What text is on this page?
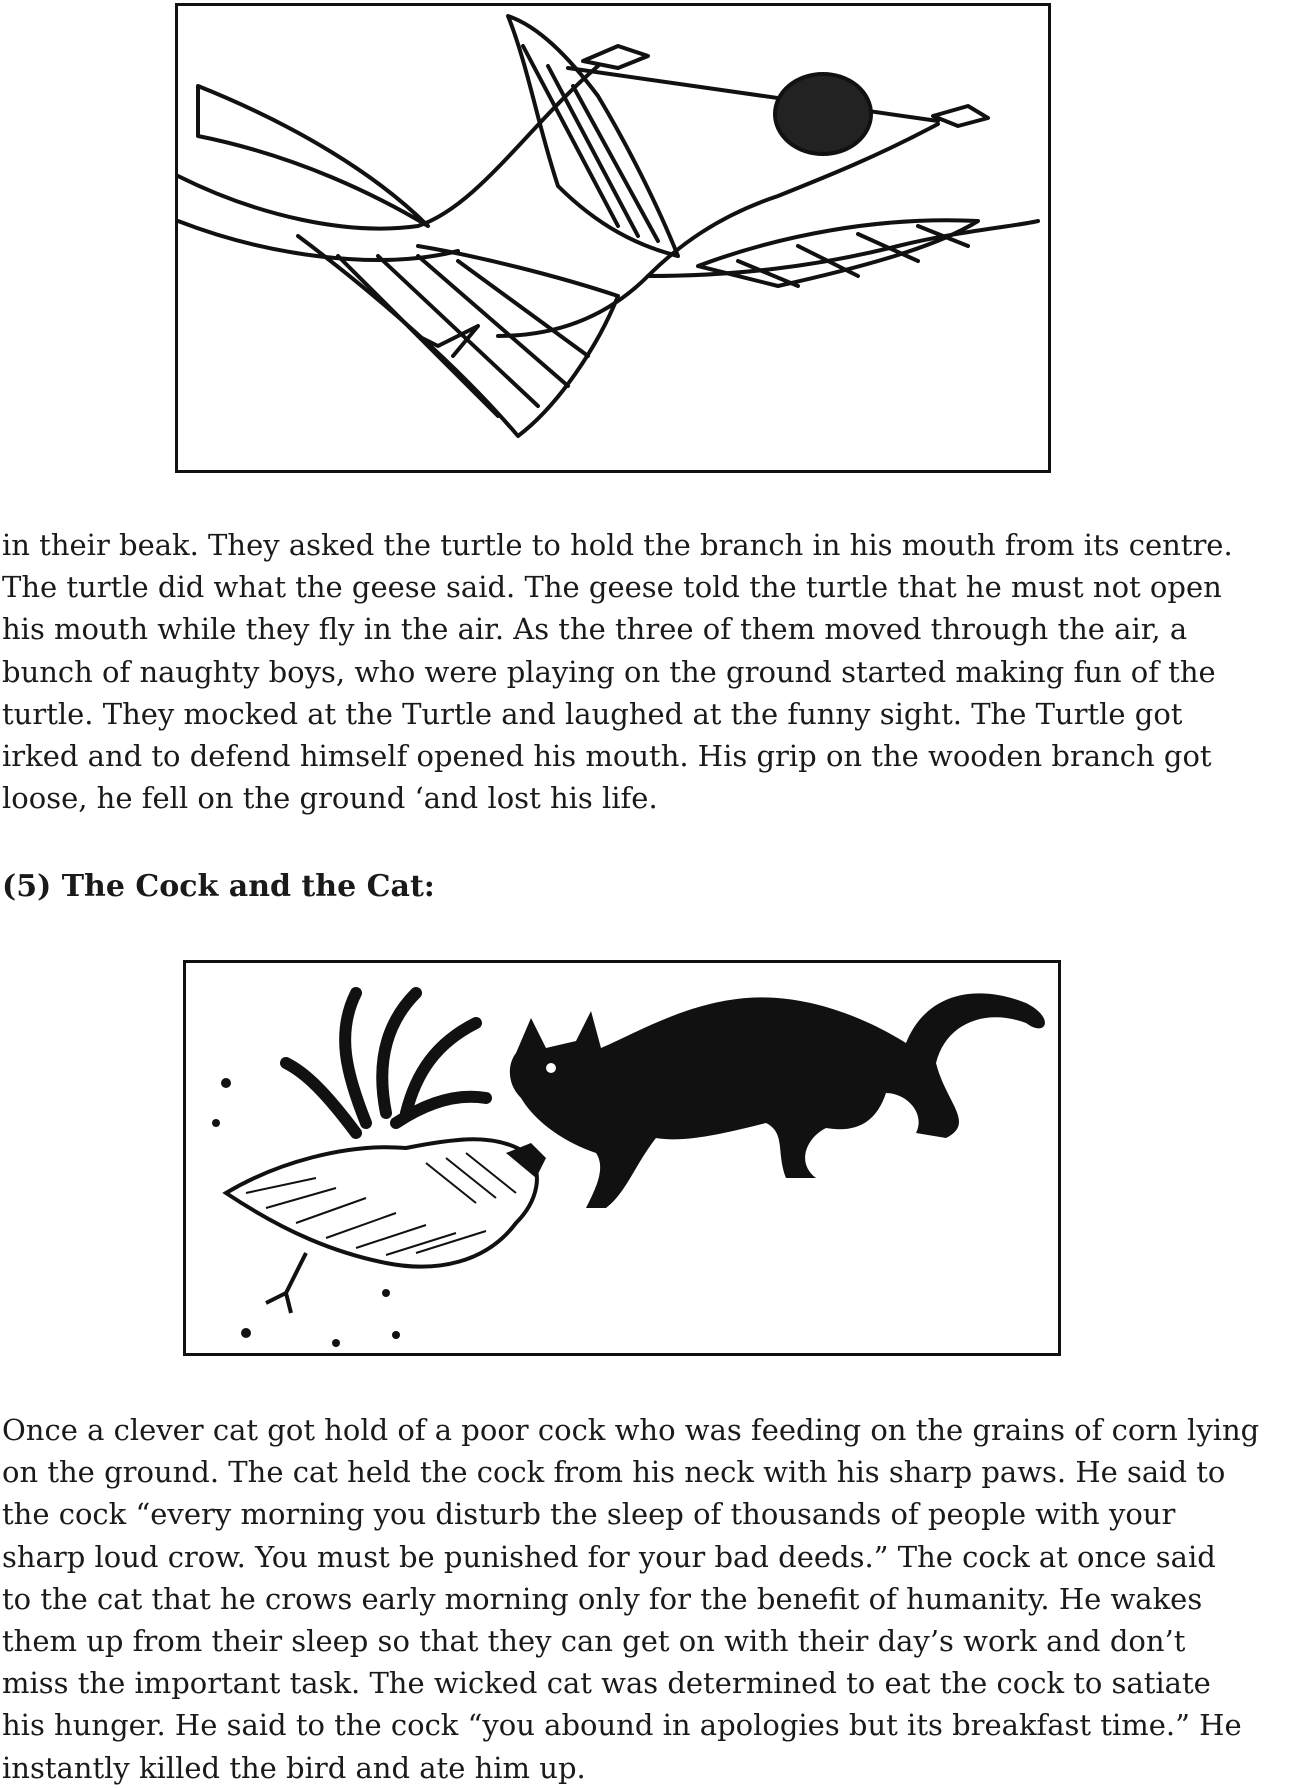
in their beak. They asked the turtle to hold the branch in his mouth from its centre.
The turtle did what the geese said. The geese told the turtle that he must not open
his mouth while they fly in the air. As the three of them moved through the air, a
bunch of naughty boys, who were playing on the ground started making fun of the
turtle. They mocked at the Turtle and laughed at the funny sight. The Turtle got
irked and to defend himself opened his mouth. His grip on the wooden branch got
loose, he fell on the ground ‘and lost his life.

(5) The Cock and the Cat:

Once a clever cat got hold of a poor cock who was feeding on the grains of corn lying
on the ground. The cat held the cock from his neck with his sharp paws. He said to
the cock “every morning you disturb the sleep of thousands of people with your
sharp loud crow. You must be punished for your bad deeds.” The cock at once said
to the cat that he crows early morning only for the benefit of humanity. He wakes
them up from their sleep so that they can get on with their day’s work and don’t
miss the important task. The wicked cat was determined to eat the cock to satiate
his hunger. He said to the cock “you abound in apologies but its breakfast time.” He
instantly killed the bird and ate him up.
